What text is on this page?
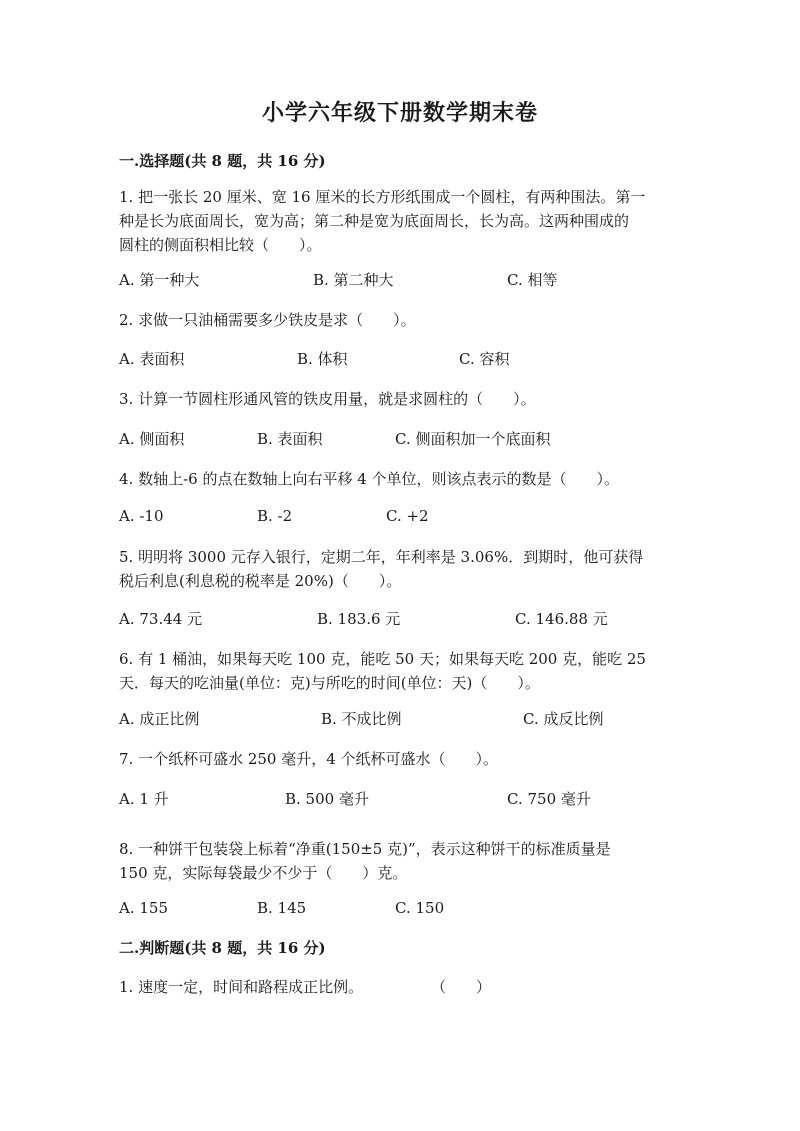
小学六年级下册数学期末卷
一.选择题(共 8 题，共 16 分)
1. 把一张长 20 厘米、宽 16 厘米的长方形纸围成一个圆柱，有两种围法。第一
种是长为底面周长，宽为高；第二种是宽为底面周长，长为高。这两种围成的
圆柱的侧面积相比较（　　）。
A. 第一种大	B. 第二种大	C. 相等
2. 求做一只油桶需要多少铁皮是求（　　）。
A. 表面积	B. 体积	C. 容积
3. 计算一节圆柱形通风管的铁皮用量，就是求圆柱的（　　）。
A. 侧面积	B. 表面积	C. 侧面积加一个底面积
4. 数轴上-6 的点在数轴上向右平移 4 个单位，则该点表示的数是（　　）。
A. -10	B. -2	C. +2
5. 明明将 3000 元存入银行，定期二年，年利率是 3.06%．到期时，他可获得
税后利息(利息税的税率是 20%)（　　）。
A. 73.44 元	B. 183.6 元	C. 146.88 元
6. 有 1 桶油，如果每天吃 100 克，能吃 50 天；如果每天吃 200 克，能吃 25
天．每天的吃油量(单位：克)与所吃的时间(单位：天)（　　）。
A. 成正比例	B. 不成比例	C. 成反比例
7. 一个纸杯可盛水 250 毫升，4 个纸杯可盛水（　　）。
A. 1 升	B. 500 毫升	C. 750 毫升
8. 一种饼干包装袋上标着“净重(150±5 克)”，表示这种饼干的标准质量是
150 克，实际每袋最少不少于（　　）克。
A. 155	B. 145	C. 150
二.判断题(共 8 题，共 16 分)
1. 速度一定，时间和路程成正比例。	（　　）
